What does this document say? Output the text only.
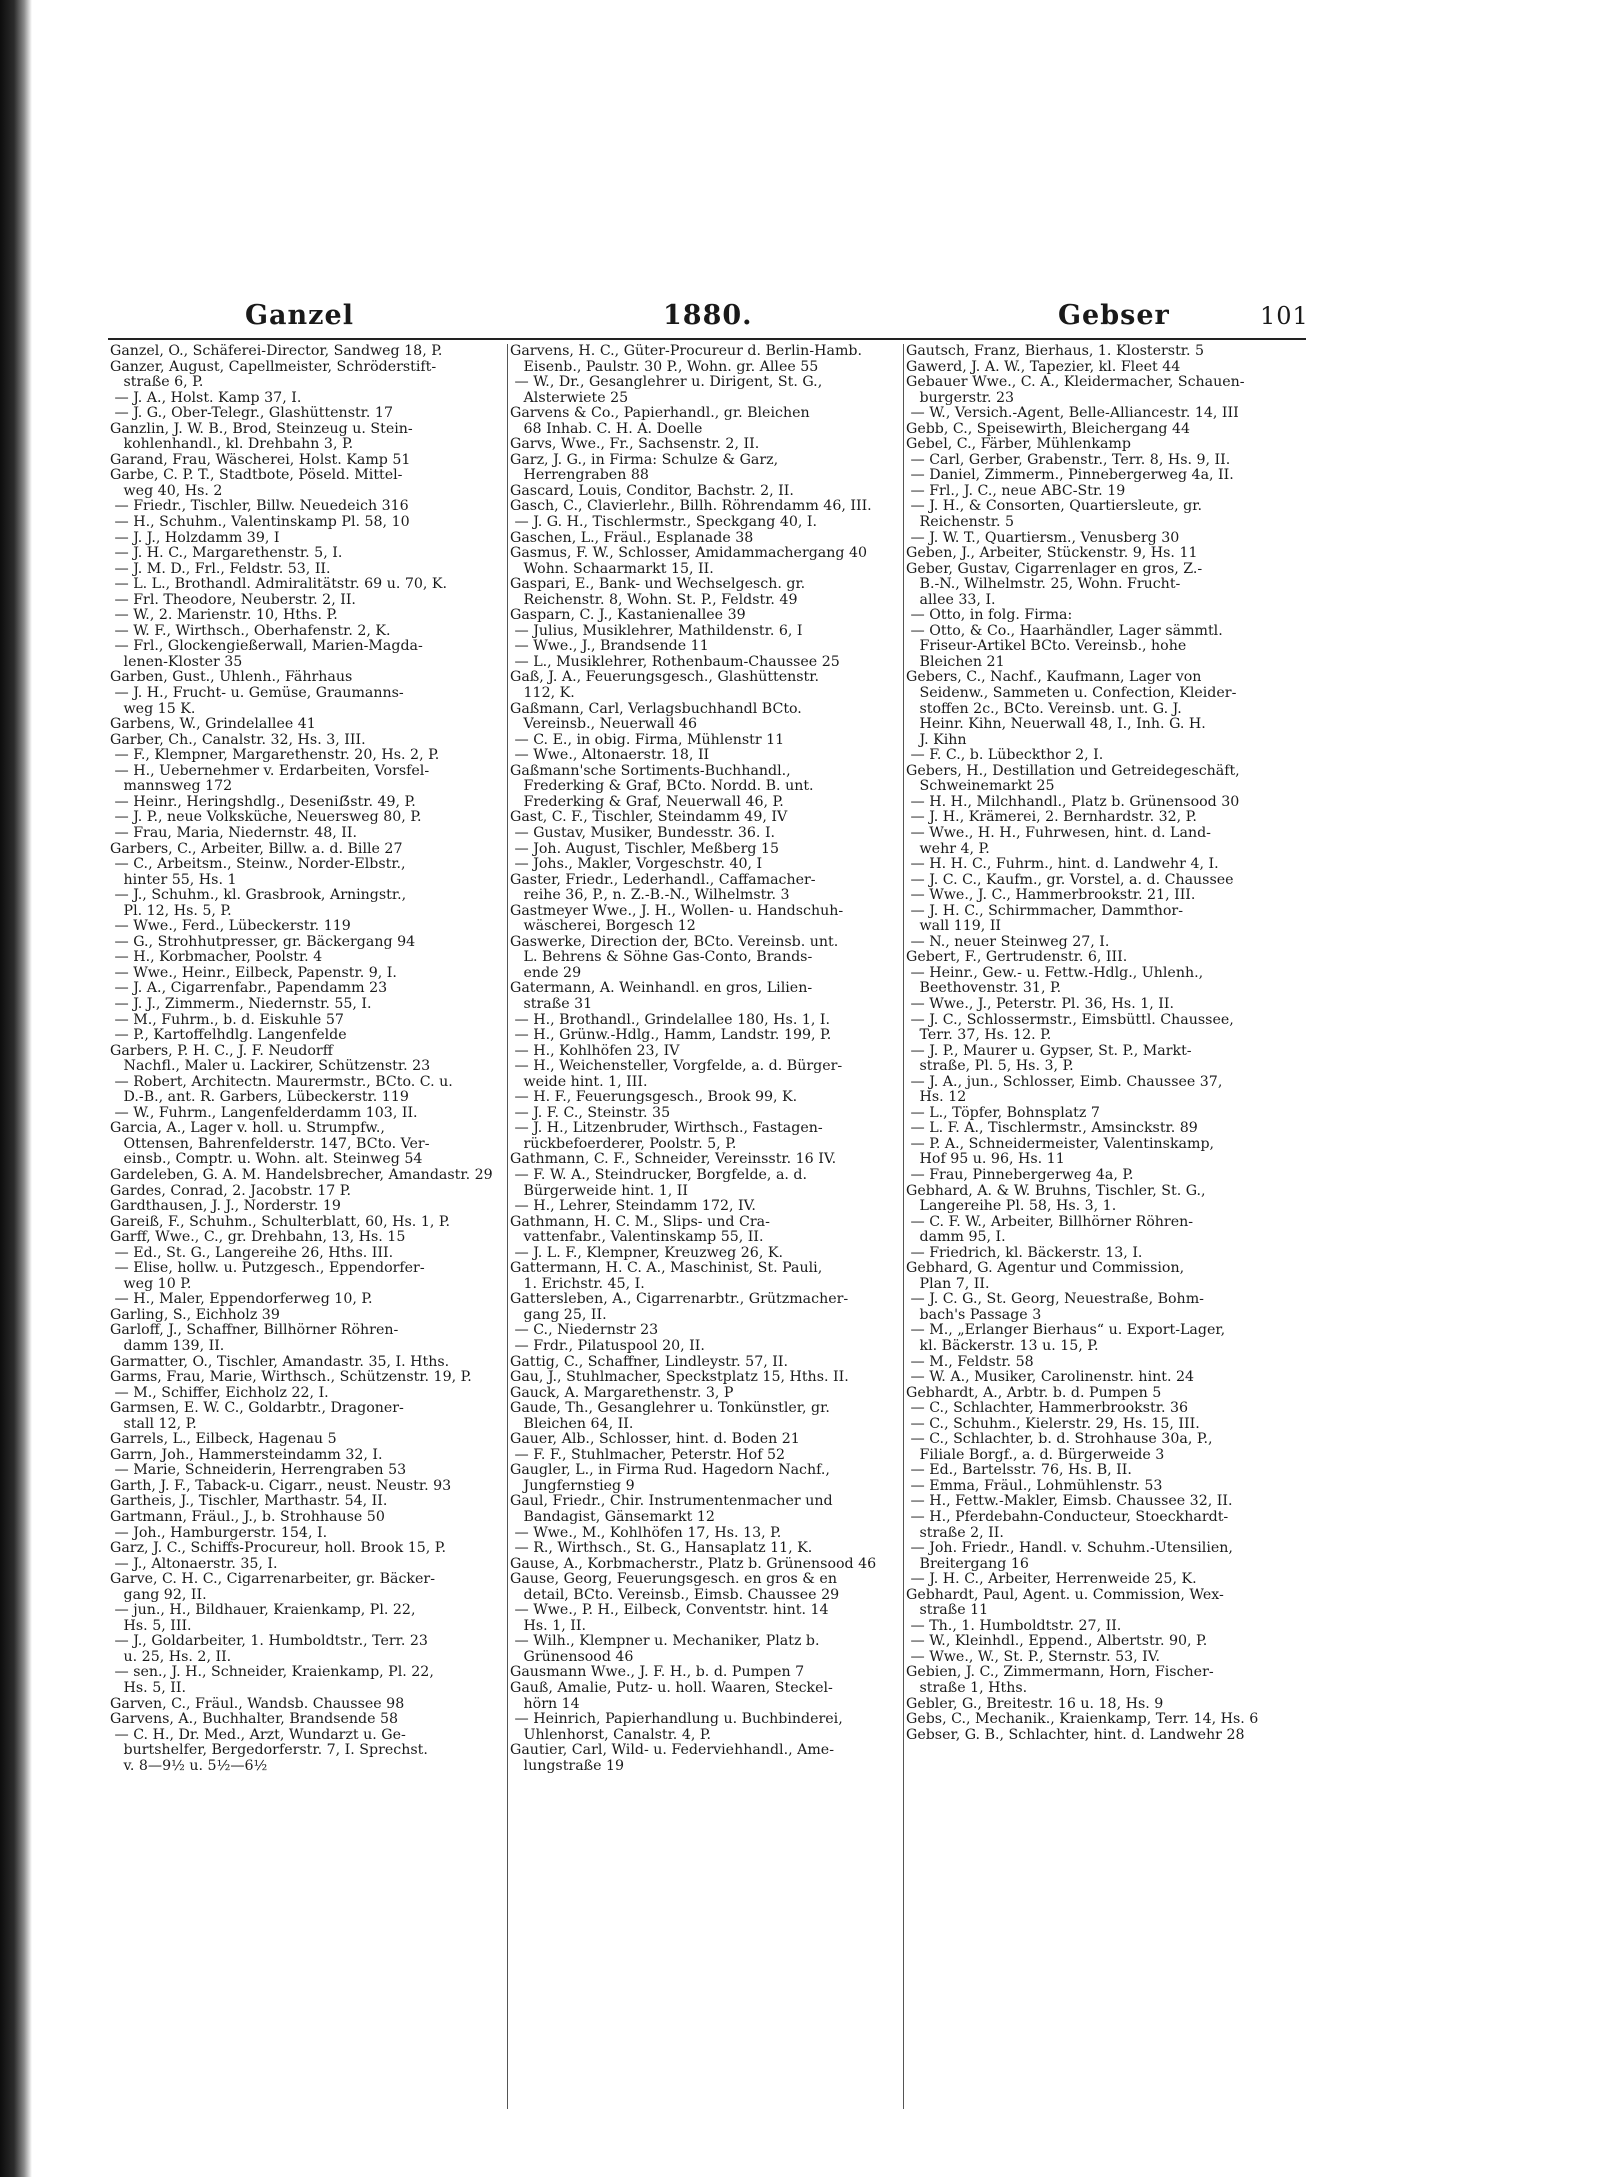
Ganzel	1880.	Gebser	101
Ganzel, O., Schäferei-Director, Sandweg 18, P.
Ganzer, August, Capellmeister, Schröderstift-
straße 6, P.
— J. A., Holst. Kamp 37, I.
— J. G., Ober-Telegr., Glashüttenstr. 17
Ganzlin, J. W. B., Brod, Steinzeug u. Stein-
kohlenhandl., kl. Drehbahn 3, P.
Garand, Frau, Wäscherei, Holst. Kamp 51
Garbe, C. P. T., Stadtbote, Pöseld. Mittel-
weg 40, Hs. 2
— Friedr., Tischler, Billw. Neuedeich 316
— H., Schuhm., Valentinskamp Pl. 58, 10
— J. J., Holzdamm 39, I
— J. H. C., Margarethenstr. 5, I.
— J. M. D., Frl., Feldstr. 53, II.
— L. L., Brothandl. Admiralitätstr. 69 u. 70, K.
— Frl. Theodore, Neuberstr. 2, II.
— W., 2. Marienstr. 10, Hths. P.
— W. F., Wirthsch., Oberhafenstr. 2, K.
— Frl., Glockengießerwall, Marien-Magda-
lenen-Kloster 35
Garben, Gust., Uhlenh., Fährhaus
— J. H., Frucht- u. Gemüse, Graumanns-
weg 15 K.
Garbens, W., Grindelallee 41
Garber, Ch., Canalstr. 32, Hs. 3, III.
— F., Klempner, Margarethenstr. 20, Hs. 2, P.
— H., Uebernehmer v. Erdarbeiten, Vorsfel-
mannsweg 172
— Heinr., Heringshdlg., Deseniẞstr. 49, P.
— J. P., neue Volksküche, Neuersweg 80, P.
— Frau, Maria, Niedernstr. 48, II.
Garbers, C., Arbeiter, Billw. a. d. Bille 27
— C., Arbeitsm., Steinw., Norder-Elbstr.,
hinter 55, Hs. 1
— J., Schuhm., kl. Grasbrook, Arningstr.,
Pl. 12, Hs. 5, P.
— Wwe., Ferd., Lübeckerstr. 119
— G., Strohhutpresser, gr. Bäckergang 94
— H., Korbmacher, Poolstr. 4
— Wwe., Heinr., Eilbeck, Papenstr. 9, I.
— J. A., Cigarrenfabr., Papendamm 23
— J. J., Zimmerm., Niedernstr. 55, I.
— M., Fuhrm., b. d. Eiskuhle 57
— P., Kartoffelhdlg. Langenfelde
Garbers, P. H. C., J. F. Neudorff
Nachfl., Maler u. Lackirer, Schützenstr. 23
— Robert, Architectn. Maurermstr., BCto. C. u.
D.-B., ant. R. Garbers, Lübeckerstr. 119
— W., Fuhrm., Langenfelderdamm 103, II.
Garcia, A., Lager v. holl. u. Strumpfw.,
Ottensen, Bahrenfelderstr. 147, BCto. Ver-
einsb., Comptr. u. Wohn. alt. Steinweg 54
Gardeleben, G. A. M. Handelsbrecher, Amandastr. 29
Gardes, Conrad, 2. Jacobstr. 17 P.
Gardthausen, J. J., Norderstr. 19
Gareiß, F., Schuhm., Schulterblatt, 60, Hs. 1, P.
Garff, Wwe., C., gr. Drehbahn, 13, Hs. 15
— Ed., St. G., Langereihe 26, Hths. III.
— Elise, hollw. u. Putzgesch., Eppendorfer-
weg 10 P.
— H., Maler, Eppendorferweg 10, P.
Garling, S., Eichholz 39
Garloff, J., Schaffner, Billhörner Röhren-
damm 139, II.
Garmatter, O., Tischler, Amandastr. 35, I. Hths.
Garms, Frau, Marie, Wirthsch., Schützenstr. 19, P.
— M., Schiffer, Eichholz 22, I.
Garmsen, E. W. C., Goldarbtr., Dragoner-
stall 12, P.
Garrels, L., Eilbeck, Hagenau 5
Garrn, Joh., Hammersteindamm 32, I.
— Marie, Schneiderin, Herrengraben 53
Garth, J. F., Taback-u. Cigarr., neust. Neustr. 93
Gartheis, J., Tischler, Marthastr. 54, II.
Gartmann, Fräul., J., b. Strohhause 50
— Joh., Hamburgerstr. 154, I.
Garz, J. C., Schiffs-Procureur, holl. Brook 15, P.
— J., Altonaerstr. 35, I.
Garve, C. H. C., Cigarrenarbeiter, gr. Bäcker-
gang 92, II.
— jun., H., Bildhauer, Kraienkamp, Pl. 22,
Hs. 5, III.
— J., Goldarbeiter, 1. Humboldtstr., Terr. 23
u. 25, Hs. 2, II.
— sen., J. H., Schneider, Kraienkamp, Pl. 22,
Hs. 5, II.
Garven, C., Fräul., Wandsb. Chaussee 98
Garvens, A., Buchhalter, Brandsende 58
— C. H., Dr. Med., Arzt, Wundarzt u. Ge-
burtshelfer, Bergedorferstr. 7, I. Sprechst.
v. 8—9½ u. 5½—6½
Garvens, H. C., Güter-Procureur d. Berlin-Hamb.
Eisenb., Paulstr. 30 P., Wohn. gr. Allee 55
— W., Dr., Gesanglehrer u. Dirigent, St. G.,
Alsterwiete 25
Garvens & Co., Papierhandl., gr. Bleichen
68 Inhab. C. H. A. Doelle
Garvs, Wwe., Fr., Sachsenstr. 2, II.
Garz, J. G., in Firma: Schulze & Garz,
Herrengraben 88
Gascard, Louis, Conditor, Bachstr. 2, II.
Gasch, C., Clavierlehr., Billh. Röhrendamm 46, III.
— J. G. H., Tischlermstr., Speckgang 40, I.
Gaschen, L., Fräul., Esplanade 38
Gasmus, F. W., Schlosser, Amidammachergang 40
Wohn. Schaarmarkt 15, II.
Gaspari, E., Bank- und Wechselgesch. gr.
Reichenstr. 8, Wohn. St. P., Feldstr. 49
Gasparn, C. J., Kastanienallee 39
— Julius, Musiklehrer, Mathildenstr. 6, I
— Wwe., J., Brandsende 11
— L., Musiklehrer, Rothenbaum-Chaussee 25
Gaß, J. A., Feuerungsgesch., Glashüttenstr.
112, K.
Gaßmann, Carl, Verlagsbuchhandl BCto.
Vereinsb., Neuerwall 46
— C. E., in obig. Firma, Mühlenstr 11
— Wwe., Altonaerstr. 18, II
Gaßmann'sche Sortiments-Buchhandl.,
Frederking & Graf, BCto. Nordd. B. unt.
Frederking & Graf, Neuerwall 46, P.
Gast, C. F., Tischler, Steindamm 49, IV
— Gustav, Musiker, Bundesstr. 36. I.
— Joh. August, Tischler, Meßberg 15
— Johs., Makler, Vorgeschstr. 40, I
Gaster, Friedr., Lederhandl., Caffamacher-
reihe 36, P., n. Z.-B.-N., Wilhelmstr. 3
Gastmeyer Wwe., J. H., Wollen- u. Handschuh-
wäscherei, Borgesch 12
Gaswerke, Direction der, BCto. Vereinsb. unt.
L. Behrens & Söhne Gas-Conto, Brands-
ende 29
Gatermann, A. Weinhandl. en gros, Lilien-
straße 31
— H., Brothandl., Grindelallee 180, Hs. 1, I.
— H., Grünw.-Hdlg., Hamm, Landstr. 199, P.
— H., Kohlhöfen 23, IV
— H., Weichensteller, Vorgfelde, a. d. Bürger-
weide hint. 1, III.
— H. F., Feuerungsgesch., Brook 99, K.
— J. F. C., Steinstr. 35
— J. H., Litzenbruder, Wirthsch., Fastagen-
rückbefoerderer, Poolstr. 5, P.
Gathmann, C. F., Schneider, Vereinsstr. 16 IV.
— F. W. A., Steindrucker, Borgfelde, a. d.
Bürgerweide hint. 1, II
— H., Lehrer, Steindamm 172, IV.
Gathmann, H. C. M., Slips- und Cra-
vattenfabr., Valentinskamp 55, II.
— J. L. F., Klempner, Kreuzweg 26, K.
Gattermann, H. C. A., Maschinist, St. Pauli,
1. Erichstr. 45, I.
Gattersleben, A., Cigarrenarbtr., Grützmacher-
gang 25, II.
— C., Niedernstr 23
— Frdr., Pilatuspool 20, II.
Gattig, C., Schaffner, Lindleystr. 57, II.
Gau, J., Stuhlmacher, Speckstplatz 15, Hths. II.
Gauck, A. Margarethenstr. 3, P
Gaude, Th., Gesanglehrer u. Tonkünstler, gr.
Bleichen 64, II.
Gauer, Alb., Schlosser, hint. d. Boden 21
— F. F., Stuhlmacher, Peterstr. Hof 52
Gaugler, L., in Firma Rud. Hagedorn Nachf.,
Jungfernstieg 9
Gaul, Friedr., Chir. Instrumentenmacher und
Bandagist, Gänsemarkt 12
— Wwe., M., Kohlhöfen 17, Hs. 13, P.
— R., Wirthsch., St. G., Hansaplatz 11, K.
Gause, A., Korbmacherstr., Platz b. Grünensood 46
Gause, Georg, Feuerungsgesch. en gros & en
detail, BCto. Vereinsb., Eimsb. Chaussee 29
— Wwe., P. H., Eilbeck, Conventstr. hint. 14
Hs. 1, II.
— Wilh., Klempner u. Mechaniker, Platz b.
Grünensood 46
Gausmann Wwe., J. F. H., b. d. Pumpen 7
Gauß, Amalie, Putz- u. holl. Waaren, Steckel-
hörn 14
— Heinrich, Papierhandlung u. Buchbinderei,
Uhlenhorst, Canalstr. 4, P.
Gautier, Carl, Wild- u. Federviehhandl., Ame-
lungstraße 19
Gautsch, Franz, Bierhaus, 1. Klosterstr. 5
Gawerd, J. A. W., Tapezier, kl. Fleet 44
Gebauer Wwe., C. A., Kleidermacher, Schauen-
burgerstr. 23
— W., Versich.-Agent, Belle-Alliancestr. 14, III
Gebb, C., Speisewirth, Bleichergang 44
Gebel, C., Färber, Mühlenkamp
— Carl, Gerber, Grabenstr., Terr. 8, Hs. 9, II.
— Daniel, Zimmerm., Pinnebergerweg 4a, II.
— Frl., J. C., neue ABC-Str. 19
— J. H., & Consorten, Quartiersleute, gr.
Reichenstr. 5
— J. W. T., Quartiersm., Venusberg 30
Geben, J., Arbeiter, Stückenstr. 9, Hs. 11
Geber, Gustav, Cigarrenlager en gros, Z.-
B.-N., Wilhelmstr. 25, Wohn. Frucht-
allee 33, I.
— Otto, in folg. Firma:
— Otto, & Co., Haarhändler, Lager sämmtl.
Friseur-Artikel BCto. Vereinsb., hohe
Bleichen 21
Gebers, C., Nachf., Kaufmann, Lager von
Seidenw., Sammeten u. Confection, Kleider-
stoffen 2c., BCto. Vereinsb. unt. G. J.
Heinr. Kihn, Neuerwall 48, I., Inh. G. H.
J. Kihn
— F. C., b. Lübeckthor 2, I.
Gebers, H., Destillation und Getreidegeschäft,
Schweinemarkt 25
— H. H., Milchhandl., Platz b. Grünensood 30
— J. H., Krämerei, 2. Bernhardstr. 32, P.
— Wwe., H. H., Fuhrwesen, hint. d. Land-
wehr 4, P.
— H. H. C., Fuhrm., hint. d. Landwehr 4, I.
— J. C. C., Kaufm., gr. Vorstel, a. d. Chaussee
— Wwe., J. C., Hammerbrookstr. 21, III.
— J. H. C., Schirmmacher, Dammthor-
wall 119, II
— N., neuer Steinweg 27, I.
Gebert, F., Gertrudenstr. 6, III.
— Heinr., Gew.- u. Fettw.-Hdlg., Uhlenh.,
Beethovenstr. 31, P.
— Wwe., J., Peterstr. Pl. 36, Hs. 1, II.
— J. C., Schlossermstr., Eimsbüttl. Chaussee,
Terr. 37, Hs. 12. P.
— J. P., Maurer u. Gypser, St. P., Markt-
straße, Pl. 5, Hs. 3, P.
— J. A., jun., Schlosser, Eimb. Chaussee 37,
Hs. 12
— L., Töpfer, Bohnsplatz 7
— L. F. A., Tischlermstr., Amsinckstr. 89
— P. A., Schneidermeister, Valentinskamp,
Hof 95 u. 96, Hs. 11
— Frau, Pinnebergerweg 4a, P.
Gebhard, A. & W. Bruhns, Tischler, St. G.,
Langereihe Pl. 58, Hs. 3, 1.
— C. F. W., Arbeiter, Billhörner Röhren-
damm 95, I.
— Friedrich, kl. Bäckerstr. 13, I.
Gebhard, G. Agentur und Commission,
Plan 7, II.
— J. C. G., St. Georg, Neuestraße, Bohm-
bach's Passage 3
— M., „Erlanger Bierhaus“ u. Export-Lager,
kl. Bäckerstr. 13 u. 15, P.
— M., Feldstr. 58
— W. A., Musiker, Carolinenstr. hint. 24
Gebhardt, A., Arbtr. b. d. Pumpen 5
— C., Schlachter, Hammerbrookstr. 36
— C., Schuhm., Kielerstr. 29, Hs. 15, III.
— C., Schlachter, b. d. Strohhause 30a, P.,
Filiale Borgf., a. d. Bürgerweide 3
— Ed., Bartelsstr. 76, Hs. B, II.
— Emma, Fräul., Lohmühlenstr. 53
— H., Fettw.-Makler, Eimsb. Chaussee 32, II.
— H., Pferdebahn-Conducteur, Stoeckhardt-
straße 2, II.
— Joh. Friedr., Handl. v. Schuhm.-Utensilien,
Breitergang 16
— J. H. C., Arbeiter, Herrenweide 25, K.
Gebhardt, Paul, Agent. u. Commission, Wex-
straße 11
— Th., 1. Humboldtstr. 27, II.
— W., Kleinhdl., Eppend., Albertstr. 90, P.
— Wwe., W., St. P., Sternstr. 53, IV.
Gebien, J. C., Zimmermann, Horn, Fischer-
straße 1, Hths.
Gebler, G., Breitestr. 16 u. 18, Hs. 9
Gebs, C., Mechanik., Kraienkamp, Terr. 14, Hs. 6
Gebser, G. B., Schlachter, hint. d. Landwehr 28
